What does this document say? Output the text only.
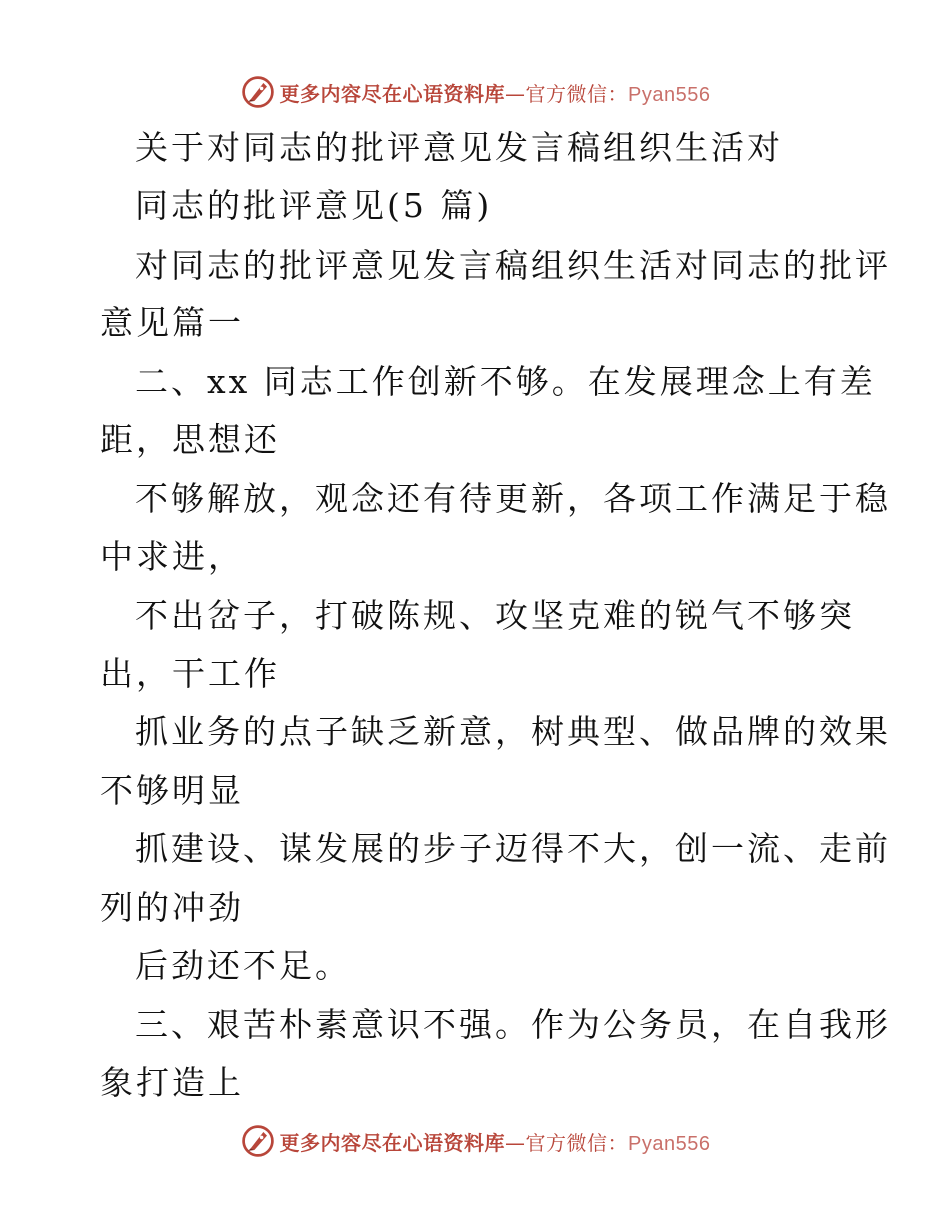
更多内容尽在心语资料库—官方微信：Pyan556
关于对同志的批评意见发言稿组织生活对
同志的批评意见(5 篇)
对同志的批评意见发言稿组织生活对同志的批评
意见篇一
二、xx 同志工作创新不够。在发展理念上有差
距，思想还
不够解放，观念还有待更新，各项工作满足于稳
中求进，
不出岔子，打破陈规、攻坚克难的锐气不够突
出，干工作
抓业务的点子缺乏新意，树典型、做品牌的效果
不够明显
抓建设、谋发展的步子迈得不大，创一流、走前
列的冲劲
后劲还不足。
三、艰苦朴素意识不强。作为公务员，在自我形
象打造上
更多内容尽在心语资料库—官方微信：Pyan556
